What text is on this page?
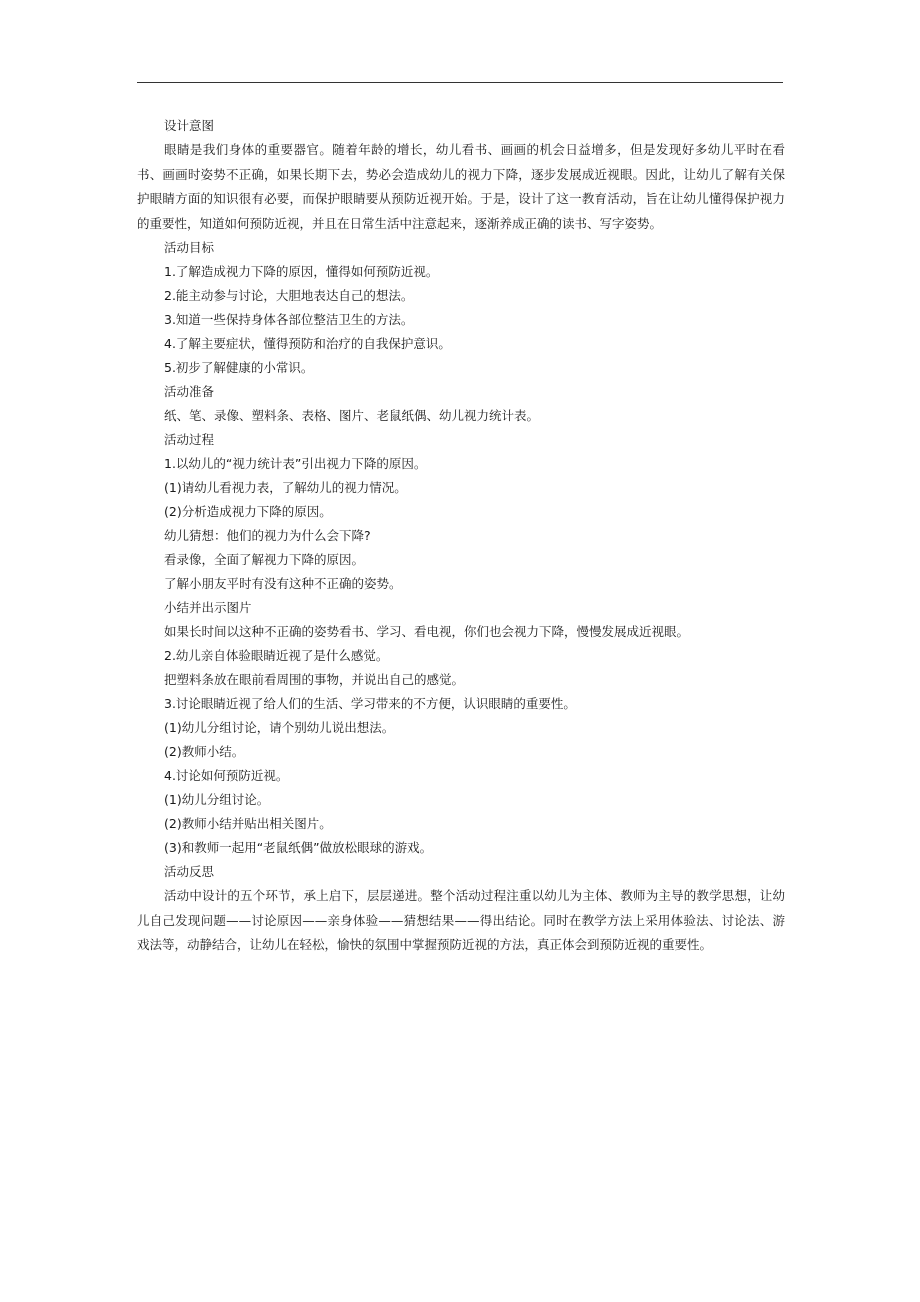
设计意图

眼睛是我们身体的重要器官。随着年龄的增长，幼儿看书、画画的机会日益增多，但是发现好多幼儿平时在看书、画画时姿势不正确，如果长期下去，势必会造成幼儿的视力下降，逐步发展成近视眼。因此，让幼儿了解有关保护眼睛方面的知识很有必要，而保护眼睛要从预防近视开始。于是，设计了这一教育活动，旨在让幼儿懂得保护视力的重要性，知道如何预防近视，并且在日常生活中注意起来，逐渐养成正确的读书、写字姿势。

活动目标

1.了解造成视力下降的原因，懂得如何预防近视。

2.能主动参与讨论，大胆地表达自己的想法。

3.知道一些保持身体各部位整洁卫生的方法。

4.了解主要症状，懂得预防和治疗的自我保护意识。

5.初步了解健康的小常识。

活动准备

纸、笔、录像、塑料条、表格、图片、老鼠纸偶、幼儿视力统计表。

活动过程

1.以幼儿的“视力统计表”引出视力下降的原因。

(1)请幼儿看视力表，了解幼儿的视力情况。

(2)分析造成视力下降的原因。

幼儿猜想：他们的视力为什么会下降?

看录像，全面了解视力下降的原因。

了解小朋友平时有没有这种不正确的姿势。

小结并出示图片

如果长时间以这种不正确的姿势看书、学习、看电视，你们也会视力下降，慢慢发展成近视眼。

2.幼儿亲自体验眼睛近视了是什么感觉。

把塑料条放在眼前看周围的事物，并说出自己的感觉。

3.讨论眼睛近视了给人们的生活、学习带来的不方便，认识眼睛的重要性。

(1)幼儿分组讨论，请个别幼儿说出想法。

(2)教师小结。

4.讨论如何预防近视。

(1)幼儿分组讨论。

(2)教师小结并贴出相关图片。

(3)和教师一起用“老鼠纸偶”做放松眼球的游戏。

活动反思

活动中设计的五个环节，承上启下，层层递进。整个活动过程注重以幼儿为主体、教师为主导的教学思想，让幼儿自己发现问题——讨论原因——亲身体验——猜想结果——得出结论。同时在教学方法上采用体验法、讨论法、游戏法等，动静结合，让幼儿在轻松，愉快的氛围中掌握预防近视的方法，真正体会到预防近视的重要性。
